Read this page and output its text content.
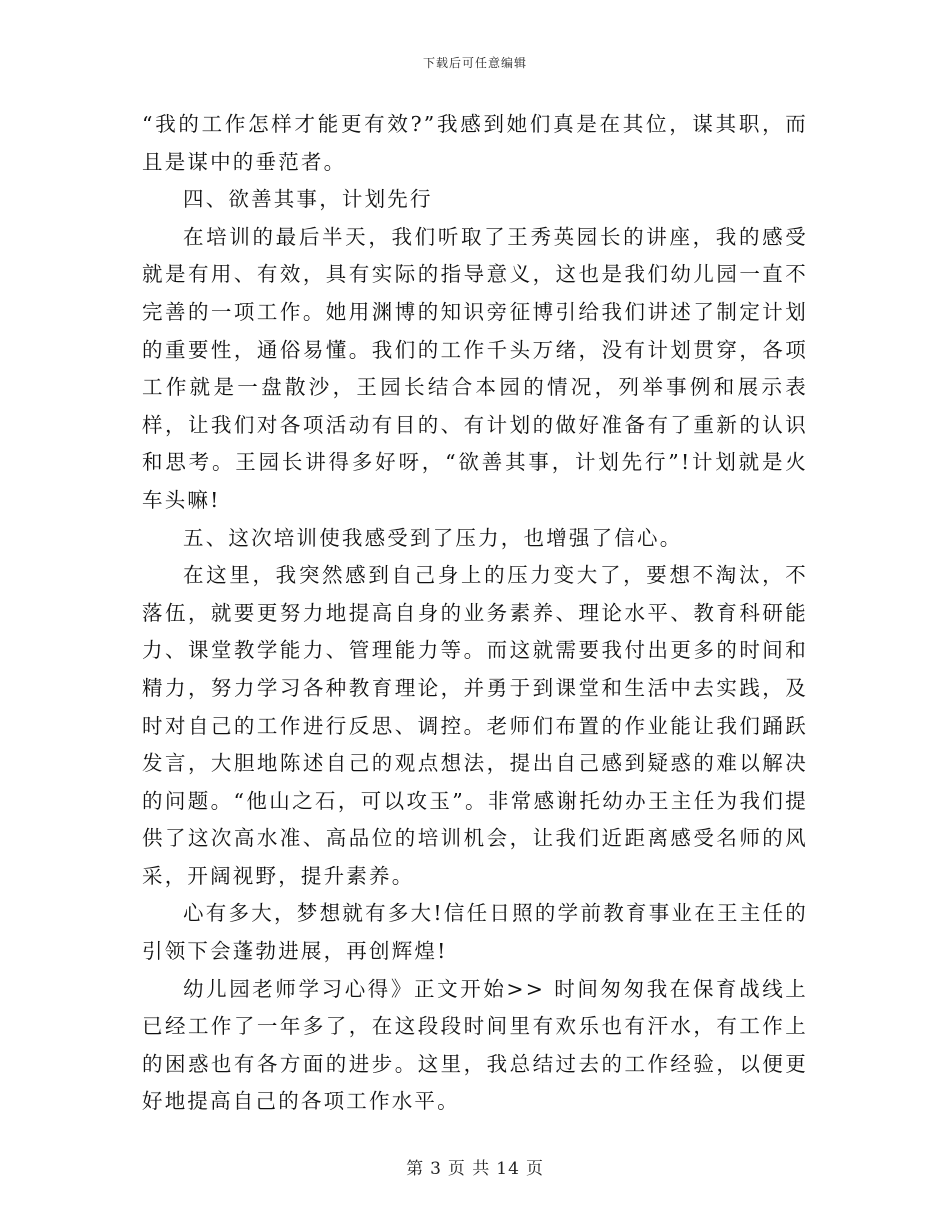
下载后可任意编辑

“我的工作怎样才能更有效?”我感到她们真是在其位，谋其职，而且是谋中的垂范者。

四、欲善其事，计划先行

在培训的最后半天，我们听取了王秀英园长的讲座，我的感受就是有用、有效，具有实际的指导意义，这也是我们幼儿园一直不完善的一项工作。她用渊博的知识旁征博引给我们讲述了制定计划的重要性，通俗易懂。我们的工作千头万绪，没有计划贯穿，各项工作就是一盘散沙，王园长结合本园的情况，列举事例和展示表样，让我们对各项活动有目的、有计划的做好准备有了重新的认识和思考。王园长讲得多好呀，“欲善其事，计划先行”!计划就是火车头嘛!

五、这次培训使我感受到了压力，也增强了信心。

在这里，我突然感到自己身上的压力变大了，要想不淘汰，不落伍，就要更努力地提高自身的业务素养、理论水平、教育科研能力、课堂教学能力、管理能力等。而这就需要我付出更多的时间和精力，努力学习各种教育理论，并勇于到课堂和生活中去实践，及时对自己的工作进行反思、调控。老师们布置的作业能让我们踊跃发言，大胆地陈述自己的观点想法，提出自己感到疑惑的难以解决的问题。“他山之石，可以攻玉”。非常感谢托幼办王主任为我们提供了这次高水准、高品位的培训机会，让我们近距离感受名师的风采，开阔视野，提升素养。

心有多大，梦想就有多大!信任日照的学前教育事业在王主任的引领下会蓬勃进展，再创辉煌!

幼儿园老师学习心得》正文开始>> 时间匆匆我在保育战线上已经工作了一年多了，在这段段时间里有欢乐也有汗水，有工作上的困惑也有各方面的进步。这里，我总结过去的工作经验，以便更好地提高自己的各项工作水平。

第 3 页 共 14 页
